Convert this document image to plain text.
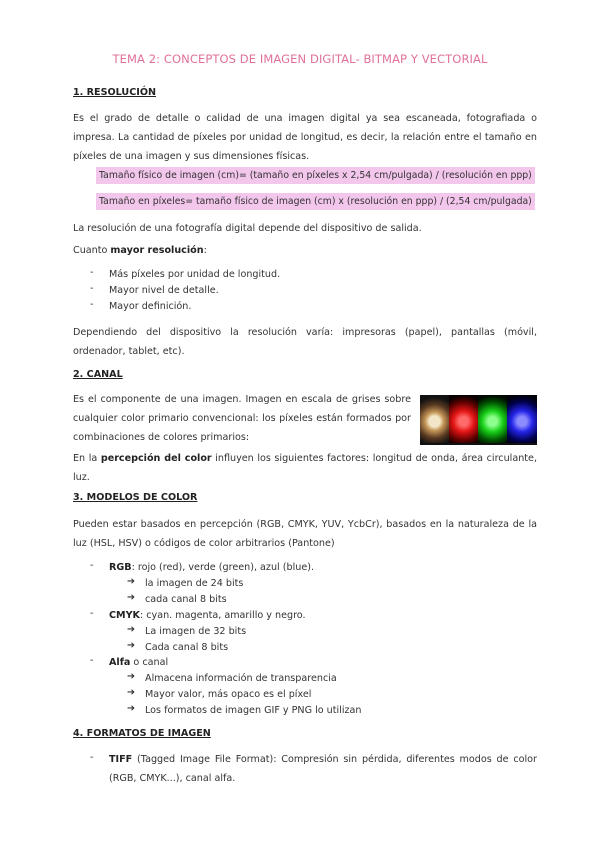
TEMA 2: CONCEPTOS DE IMAGEN DIGITAL- BITMAP Y VECTORIAL
1. RESOLUCIÓN
Es el grado de detalle o calidad de una imagen digital ya sea escaneada, fotografiada o impresa. La cantidad de píxeles por unidad de longitud, es decir, la relación entre el tamaño en píxeles de una imagen y sus dimensiones físicas.
Tamaño físico de imagen (cm)= (tamaño en píxeles x 2,54 cm/pulgada) / (resolución en ppp)
Tamaño en píxeles= tamaño físico de imagen (cm) x (resolución en ppp) / (2,54 cm/pulgada)
La resolución de una fotografía digital depende del dispositivo de salida.
Cuanto mayor resolución:
- Más píxeles por unidad de longitud.
- Mayor nivel de detalle.
- Mayor definición.
Dependiendo del dispositivo la resolución varía: impresoras (papel), pantallas (móvil, ordenador, tablet, etc).
2. CANAL
Es el componente de una imagen. Imagen en escala de grises sobre cualquier color primario convencional: los píxeles están formados por combinaciones de colores primarios:
En la percepción del color influyen los siguientes factores: longitud de onda, área circulante, luz.
3. MODELOS DE COLOR
Pueden estar basados en percepción (RGB, CMYK, YUV, YcbCr), basados en la naturaleza de la luz (HSL, HSV) o códigos de color arbitrarios (Pantone)
- RGB: rojo (red), verde (green), azul (blue).
➔ la imagen de 24 bits
➔ cada canal 8 bits
- CMYK: cyan. magenta, amarillo y negro.
➔ La imagen de 32 bits
➔ Cada canal 8 bits
- Alfa o canal
➔ Almacena información de transparencia
➔ Mayor valor, más opaco es el píxel
➔ Los formatos de imagen GIF y PNG lo utilizan
4. FORMATOS DE IMAGEN
- TIFF (Tagged Image File Format): Compresión sin pérdida, diferentes modos de color (RGB, CMYK...), canal alfa.
